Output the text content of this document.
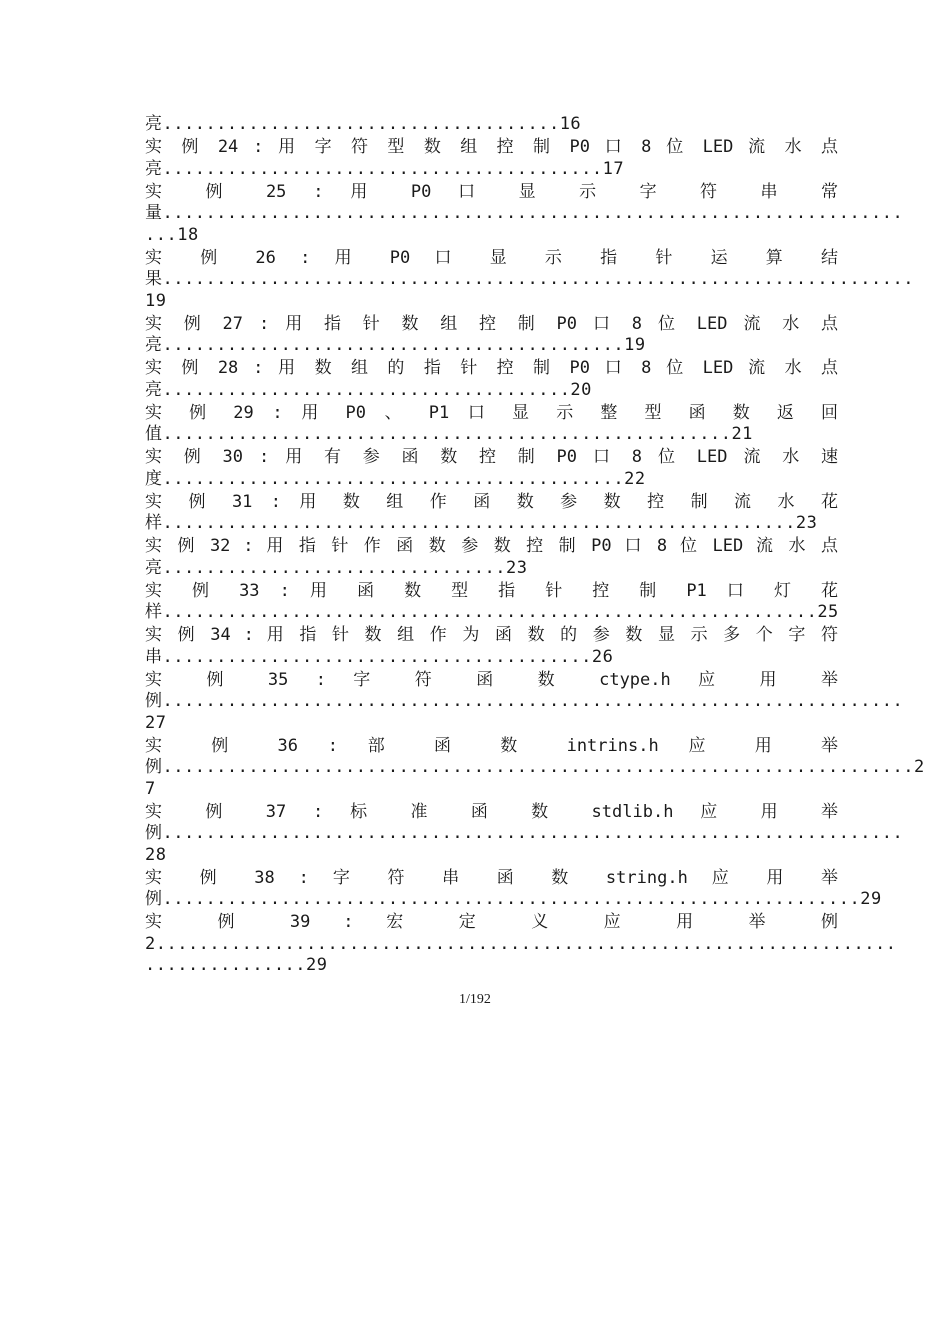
亮.....................................16
实 例 24 : 用 字 符 型 数 组 控 制 P0 口 8 位 LED 流 水 点
亮.........................................17
实 例 25 : 用 P0 口 显 示 字 符 串 常
量.....................................................................
...18
实 例 26 : 用 P0 口 显 示 指 针 运 算 结
果......................................................................
19
实 例 27 : 用 指 针 数 组 控 制 P0 口 8 位 LED 流 水 点
亮...........................................19
实 例 28 : 用 数 组 的 指 针 控 制 P0 口 8 位 LED 流 水 点
亮......................................20
实 例 29 : 用 P0 、 P1 口 显 示 整 型 函 数 返 回
值.....................................................21
实 例 30 : 用 有 参 函 数 控 制 P0 口 8 位 LED 流 水 速
度...........................................22
实 例 31 : 用 数 组 作 函 数 参 数 控 制 流 水 花
样...........................................................23
实 例 32 : 用 指 针 作 函 数 参 数 控 制 P0 口 8 位 LED 流 水 点
亮................................23
实 例 33 : 用 函 数 型 指 针 控 制 P1 口 灯 花
样.............................................................25
实 例 34 : 用 指 针 数 组 作 为 函 数 的 参 数 显 示 多 个 字 符
串........................................26
实 例 35 : 字 符 函 数 ctype.h 应 用 举
例.....................................................................
27
实 例 36 : 部 函 数 intrins.h 应 用 举
例......................................................................2
7
实 例 37 : 标 准 函 数 stdlib.h 应 用 举
例.....................................................................
28
实 例 38 : 字 符 串 函 数 string.h 应 用 举
例.................................................................29
实 例 39 : 宏 定 义 应 用 举 例
2.....................................................................
...............29
1/192
